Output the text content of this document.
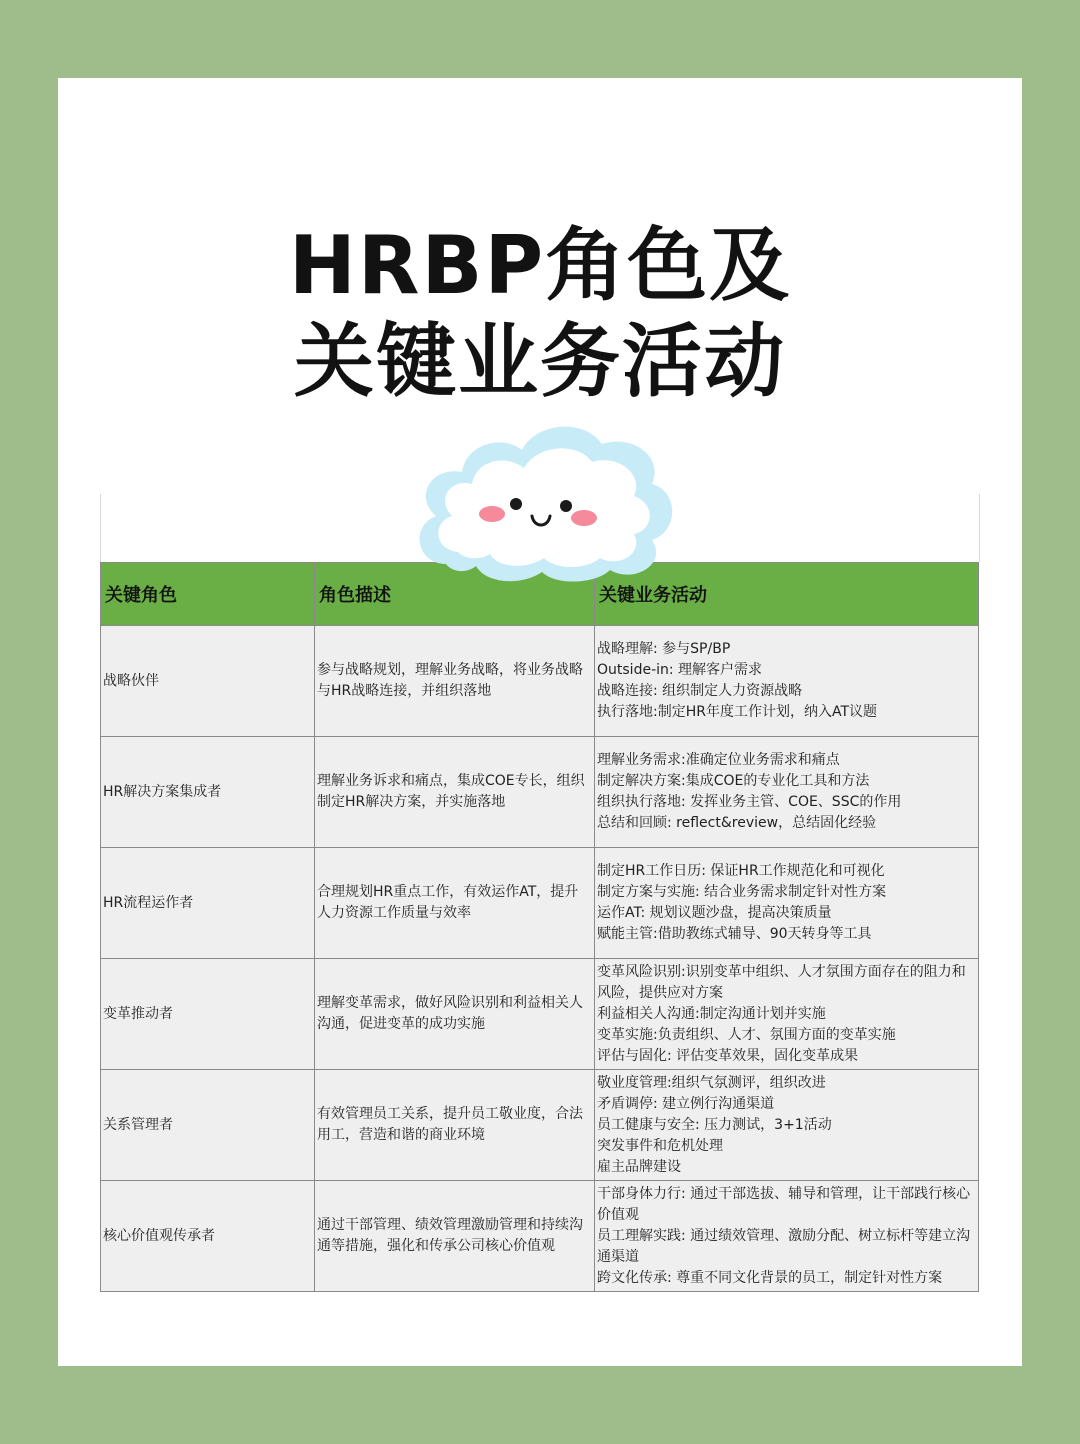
HRBP角色及
关键业务活动
关键角色	角色描述	关键业务活动
战略伙伴	参与战略规划，理解业务战略，将业务战略与HR战略连接，并组织落地	战略理解: 参与SP/BP
Outside-in: 理解客户需求
战略连接: 组织制定人力资源战略
执行落地:制定HR年度工作计划，纳入AT议题

HR解决方案集成者	理解业务诉求和痛点，集成COE专长，组织制定HR解决方案，并实施落地	理解业务需求:准确定位业务需求和痛点
制定解决方案:集成COE的专业化工具和方法
组织执行落地: 发挥业务主管、COE、SSC的作用
总结和回顾: reflect&review，总结固化经验

HR流程运作者	合理规划HR重点工作，有效运作AT，提升人力资源工作质量与效率	制定HR工作日历: 保证HR工作规范化和可视化
制定方案与实施: 结合业务需求制定针对性方案
运作AT: 规划议题沙盘，提高决策质量
赋能主管:借助教练式辅导、90天转身等工具

变革推动者	理解变革需求，做好风险识别和利益相关人沟通，促进变革的成功实施	变革风险识别:识别变革中组织、人才氛围方面存在的阻力和风险，提供应对方案
利益相关人沟通:制定沟通计划并实施
变革实施:负责组织、人才、氛围方面的变革实施
评估与固化: 评估变革效果，固化变革成果

关系管理者	有效管理员工关系，提升员工敬业度，合法用工，营造和谐的商业环境	敬业度管理:组织气氛测评，组织改进
矛盾调停: 建立例行沟通渠道
员工健康与安全: 压力测试，3+1活动
突发事件和危机处理
雇主品牌建设

核心价值观传承者	通过干部管理、绩效管理激励管理和持续沟通等措施，强化和传承公司核心价值观	干部身体力行: 通过干部选拔、辅导和管理，让干部践行核心价值观
员工理解实践: 通过绩效管理、激励分配、树立标杆等建立沟通渠道
跨文化传承: 尊重不同文化背景的员工，制定针对性方案
